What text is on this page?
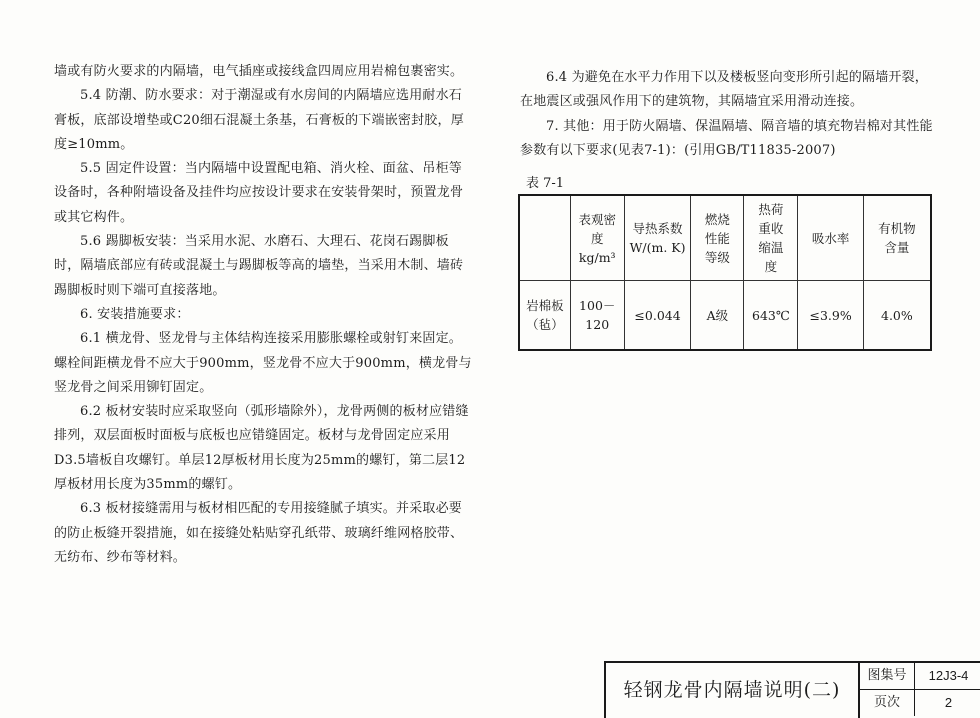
墙或有防火要求的内隔墙，电气插座或接线盒四周应用岩棉包裹密实。

5.4 防潮、防水要求：对于潮湿或有水房间的内隔墙应选用耐水石膏板，底部设增垫或C20细石混凝土条基，石膏板的下端嵌密封胶，厚度≥10mm。

5.5 固定件设置：当内隔墙中设置配电箱、消火栓、面盆、吊柜等设备时，各种附墙设备及挂件均应按设计要求在安装骨架时，预置龙骨或其它构件。

5.6 踢脚板安装：当采用水泥、水磨石、大理石、花岗石踢脚板时，隔墙底部应有砖或混凝土与踢脚板等高的墙垫，当采用木制、墙砖踢脚板时则下端可直接落地。

6. 安装措施要求：

6.1 横龙骨、竖龙骨与主体结构连接采用膨胀螺栓或射钉来固定。螺栓间距横龙骨不应大于900mm，竖龙骨不应大于900mm，横龙骨与竖龙骨之间采用铆钉固定。

6.2 板材安装时应采取竖向（弧形墙除外），龙骨两侧的板材应错缝排列，双层面板时面板与底板也应错缝固定。板材与龙骨固定应采用D3.5墙板自攻螺钉。单层12厚板材用长度为25mm的螺钉，第二层12厚板材用长度为35mm的螺钉。

6.3 板材接缝需用与板材相匹配的专用接缝腻子填实。并采取必要的防止板缝开裂措施，如在接缝处粘贴穿孔纸带、玻璃纤维网格胶带、无纺布、纱布等材料。

6.4 为避免在水平力作用下以及楼板竖向变形所引起的隔墙开裂，在地震区或强风作用下的建筑物，其隔墙宜采用滑动连接。

7. 其他：用于防火隔墙、保温隔墙、隔音墙的填充物岩棉对其性能参数有以下要求(见表7-1)：(引用GB/T11835-2007)

表 7-1
	表观密度kg/m³	导热系数W/(m. K)	燃烧性能等级	热荷重收缩温度	吸水率	有机物含量
岩棉板（毡）	100－120	≤0.044	A级	643℃	≤3.9%	4.0%
轻钢龙骨内隔墙说明(二)
图集号	12J3-4
页次	2
